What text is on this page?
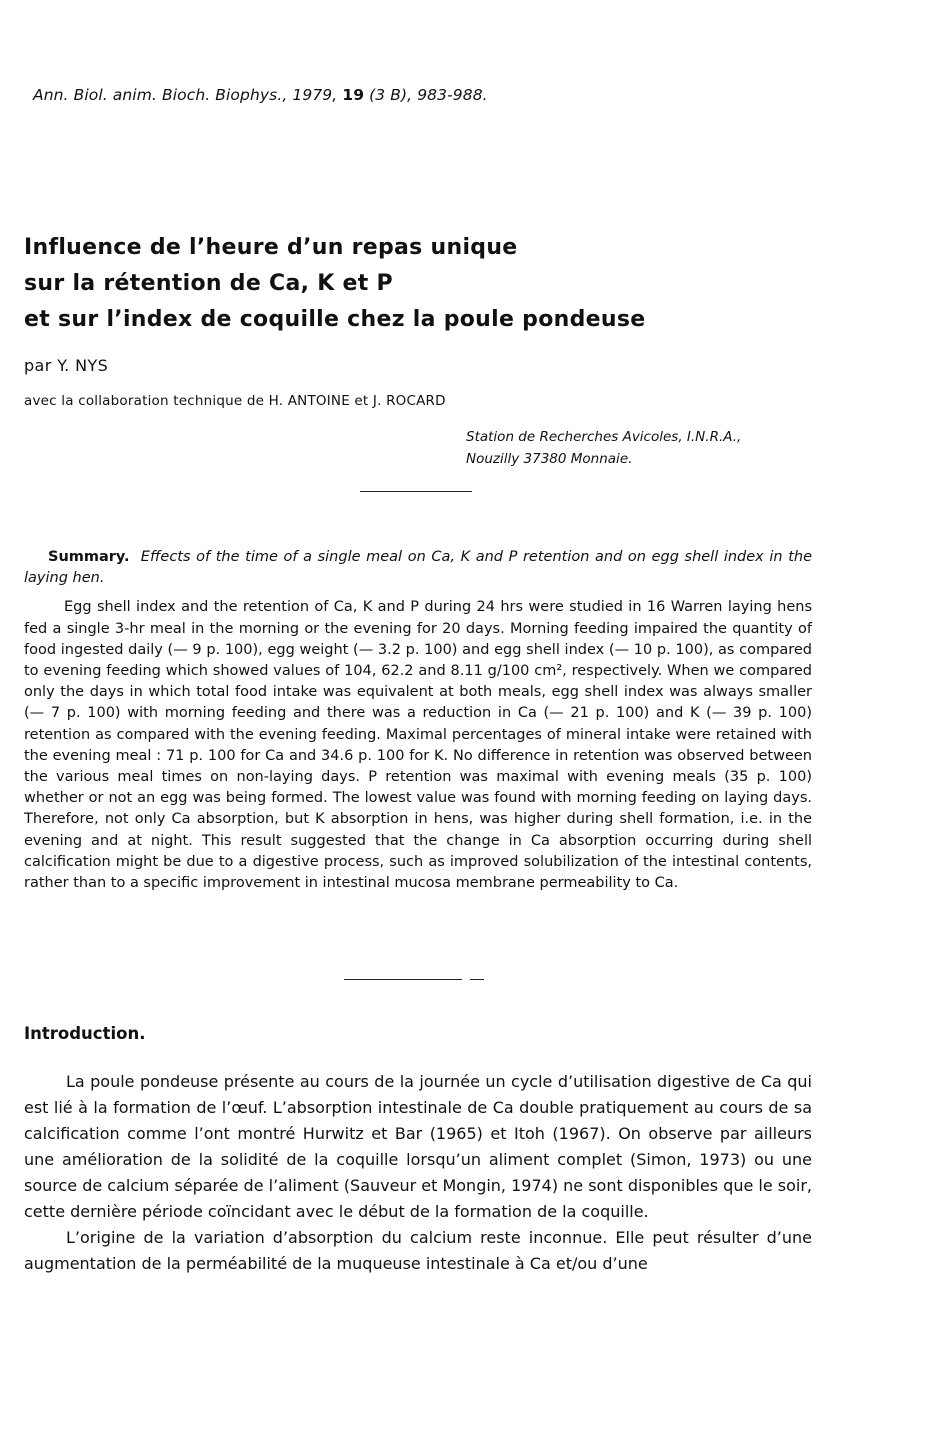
Ann. Biol. anim. Bioch. Biophys., 1979, 19 (3 B), 983-988.
Influence de l’heure d’un repas unique
sur la rétention de Ca, K et P
et sur l’index de coquille chez la poule pondeuse
par Y. NYS
avec la collaboration technique de H. ANTOINE et J. ROCARD
Station de Recherches Avicoles, I.N.R.A.,
Nouzilly 37380 Monnaie.
Summary. Effects of the time of a single meal on Ca, K and P retention and on egg shell index in the laying hen.
Egg shell index and the retention of Ca, K and P during 24 hrs were studied in 16 Warren laying hens fed a single 3-hr meal in the morning or the evening for 20 days. Morning feeding impaired the quantity of food ingested daily (— 9 p. 100), egg weight (— 3.2 p. 100) and egg shell index (— 10 p. 100), as compared to evening feeding which showed values of 104, 62.2 and 8.11 g/100 cm², respectively. When we compared only the days in which total food intake was equivalent at both meals, egg shell index was always smaller (— 7 p. 100) with morning feeding and there was a reduction in Ca (— 21 p. 100) and K (— 39 p. 100) retention as compared with the evening feeding. Maximal percentages of mineral intake were retained with the evening meal : 71 p. 100 for Ca and 34.6 p. 100 for K. No difference in retention was observed between the various meal times on non-laying days. P retention was maximal with evening meals (35 p. 100) whether or not an egg was being formed. The lowest value was found with morning feeding on laying days. Therefore, not only Ca absorption, but K absorption in hens, was higher during shell formation, i.e. in the evening and at night. This result suggested that the change in Ca absorption occurring during shell calcification might be due to a digestive process, such as improved solubilization of the intestinal contents, rather than to a specific improvement in intestinal mucosa membrane permeability to Ca.
Introduction.

La poule pondeuse présente au cours de la journée un cycle d’utilisation digestive de Ca qui est lié à la formation de l’œuf. L’absorption intestinale de Ca double pratiquement au cours de sa calcification comme l’ont montré Hurwitz et Bar (1965) et Itoh (1967). On observe par ailleurs une amélioration de la solidité de la coquille lorsqu’un aliment complet (Simon, 1973) ou une source de calcium séparée de l’aliment (Sauveur et Mongin, 1974) ne sont disponibles que le soir, cette dernière période coïncidant avec le début de la formation de la coquille.

L’origine de la variation d’absorption du calcium reste inconnue. Elle peut résulter d’une augmentation de la perméabilité de la muqueuse intestinale à Ca et/ou d’une
